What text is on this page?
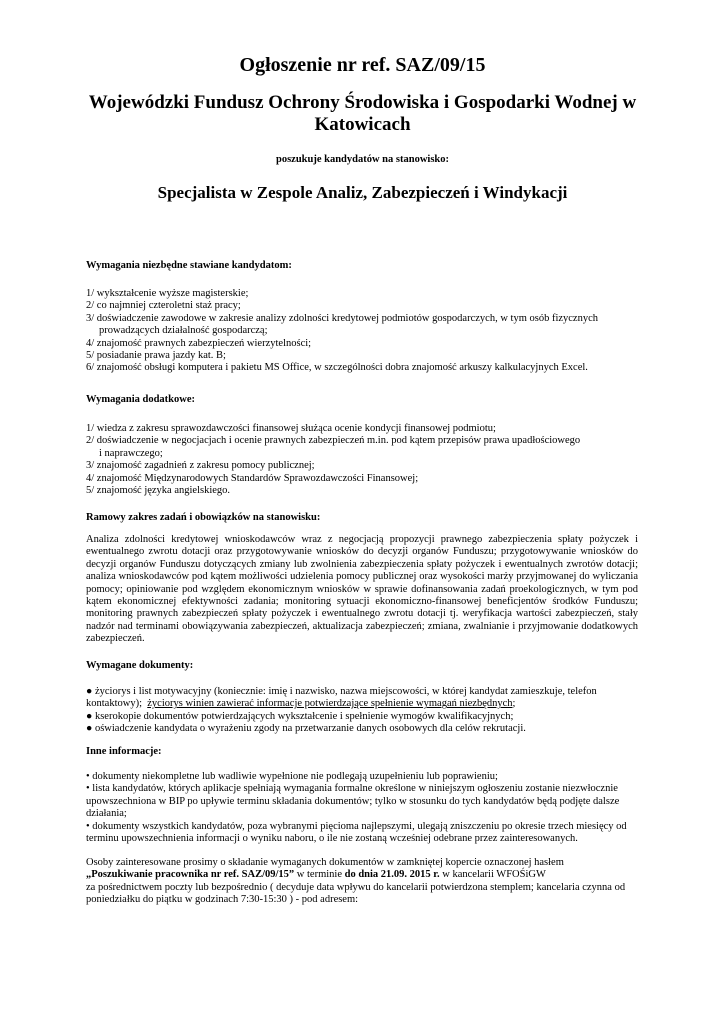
Ogłoszenie nr ref. SAZ/09/15
Wojewódzki Fundusz Ochrony Środowiska i Gospodarki Wodnej w Katowicach

poszukuje kandydatów na stanowisko:

Specjalista w Zespole Analiz, Zabezpieczeń i Windykacji

Wymagania niezbędne stawiane kandydatom:

1/ wykształcenie wyższe magisterskie;
2/ co najmniej czteroletni staż pracy;
3/ doświadczenie zawodowe w zakresie analizy zdolności kredytowej podmiotów gospodarczych, w tym osób fizycznych
prowadzących działalność gospodarczą;
4/ znajomość prawnych zabezpieczeń wierzytelności;
5/ posiadanie prawa jazdy kat. B;
6/ znajomość obsługi komputera i pakietu MS Office, w szczególności dobra znajomość arkuszy kalkulacyjnych Excel.

Wymagania dodatkowe:

1/ wiedza z zakresu sprawozdawczości finansowej służąca ocenie kondycji finansowej podmiotu;
2/ doświadczenie w negocjacjach i ocenie prawnych zabezpieczeń m.in. pod kątem przepisów prawa upadłościowego
i naprawczego;
3/ znajomość zagadnień z zakresu pomocy publicznej;
4/ znajomość Międzynarodowych Standardów Sprawozdawczości Finansowej;
5/ znajomość języka angielskiego.

Ramowy zakres zadań i obowiązków na stanowisku:

Analiza zdolności kredytowej wnioskodawców wraz z negocjacją propozycji prawnego zabezpieczenia spłaty pożyczek i ewentualnego zwrotu dotacji oraz przygotowywanie wniosków do decyzji organów Funduszu; przygotowywanie wniosków do decyzji organów Funduszu dotyczących zmiany lub zwolnienia zabezpieczenia spłaty pożyczek i ewentualnych zwrotów dotacji; analiza wnioskodawców pod kątem możliwości udzielenia pomocy publicznej oraz wysokości marży przyjmowanej do wyliczania pomocy; opiniowanie pod względem ekonomicznym wniosków w sprawie dofinansowania zadań proekologicznych, w tym pod kątem ekonomicznej efektywności zadania; monitoring sytuacji ekonomiczno-finansowej beneficjentów środków Funduszu; monitoring prawnych zabezpieczeń spłaty pożyczek i ewentualnego zwrotu dotacji tj. weryfikacja wartości zabezpieczeń, stały nadzór nad terminami obowiązywania zabezpieczeń, aktualizacja zabezpieczeń; zmiana, zwalnianie i przyjmowanie dodatkowych zabezpieczeń.

Wymagane dokumenty:

● życiorys i list motywacyjny (koniecznie: imię i nazwisko, nazwa miejscowości, w której kandydat zamieszkuje, telefon kontaktowy); życiorys winien zawierać informacje potwierdzające spełnienie wymagań niezbędnych;
● kserokopie dokumentów potwierdzających wykształcenie i spełnienie wymogów kwalifikacyjnych;
● oświadczenie kandydata o wyrażeniu zgody na przetwarzanie danych osobowych dla celów rekrutacji.

Inne informacje:

• dokumenty niekompletne lub wadliwie wypełnione nie podlegają uzupełnieniu lub poprawieniu;
• lista kandydatów, których aplikacje spełniają wymagania formalne określone w niniejszym ogłoszeniu zostanie niezwłocznie upowszechniona w BIP po upływie terminu składania dokumentów; tylko w stosunku do tych kandydatów będą podjęte dalsze działania;
• dokumenty wszystkich kandydatów, poza wybranymi pięcioma najlepszymi, ulegają zniszczeniu po okresie trzech miesięcy od terminu upowszechnienia informacji o wyniku naboru, o ile nie zostaną wcześniej odebrane przez zainteresowanych.
Osoby zainteresowane prosimy o składanie wymaganych dokumentów w zamkniętej kopercie oznaczonej hasłem
„Poszukiwanie pracownika nr ref. SAZ/09/15” w terminie do dnia 21.09. 2015 r. w kancelarii WFOŚiGW
za pośrednictwem poczty lub bezpośrednio ( decyduje data wpływu do kancelarii potwierdzona stemplem; kancelaria czynna od poniedziałku do piątku w godzinach 7:30-15:30 ) - pod adresem:
